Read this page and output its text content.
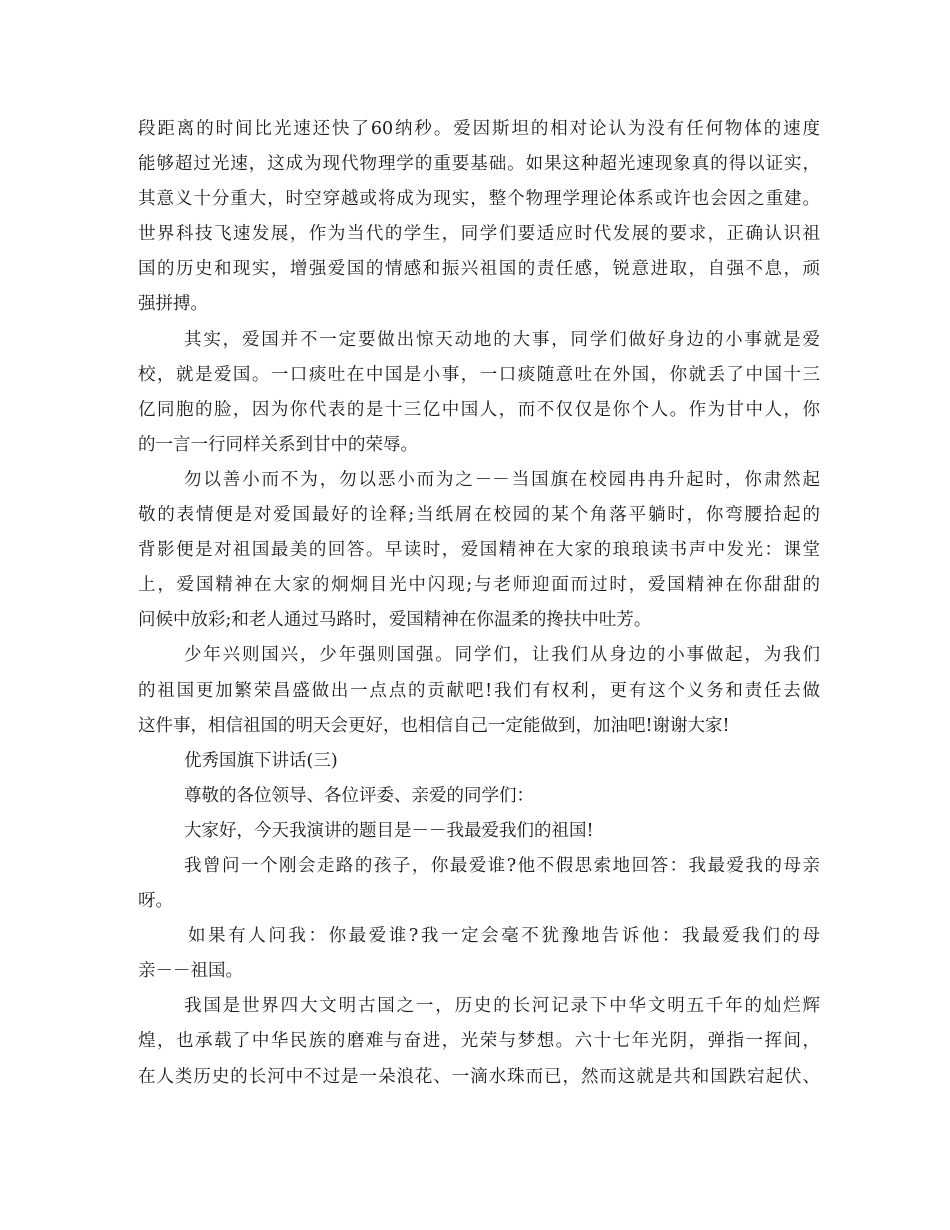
段距离的时间比光速还快了60纳秒。爱因斯坦的相对论认为没有任何物体的速度
能够超过光速，这成为现代物理学的重要基础。如果这种超光速现象真的得以证实，
其意义十分重大，时空穿越或将成为现实，整个物理学理论体系或许也会因之重建。
世界科技飞速发展，作为当代的学生，同学们要适应时代发展的要求，正确认识祖
国的历史和现实，增强爱国的情感和振兴祖国的责任感，锐意进取，自强不息，顽
强拼搏。
其实，爱国并不一定要做出惊天动地的大事，同学们做好身边的小事就是爱
校，就是爱国。一口痰吐在中国是小事，一口痰随意吐在外国，你就丢了中国十三
亿同胞的脸，因为你代表的是十三亿中国人，而不仅仅是你个人。作为甘中人，你
的一言一行同样关系到甘中的荣辱。
勿以善小而不为，勿以恶小而为之－－当国旗在校园冉冉升起时，你肃然起
敬的表情便是对爱国最好的诠释;当纸屑在校园的某个角落平躺时，你弯腰拾起的
背影便是对祖国最美的回答。早读时，爱国精神在大家的琅琅读书声中发光：课堂
上，爱国精神在大家的炯炯目光中闪现;与老师迎面而过时，爱国精神在你甜甜的
问候中放彩;和老人通过马路时，爱国精神在你温柔的搀扶中吐芳。
少年兴则国兴，少年强则国强。同学们，让我们从身边的小事做起，为我们
的祖国更加繁荣昌盛做出一点点的贡献吧!我们有权利，更有这个义务和责任去做
这件事，相信祖国的明天会更好，也相信自己一定能做到，加油吧!谢谢大家!
优秀国旗下讲话(三)
尊敬的各位领导、各位评委、亲爱的同学们：
大家好，今天我演讲的题目是－－我最爱我们的祖国!
我曾问一个刚会走路的孩子，你最爱谁?他不假思索地回答：我最爱我的母亲
呀。
如果有人问我：你最爱谁?我一定会毫不犹豫地告诉他：我最爱我们的母
亲－－祖国。
我国是世界四大文明古国之一，历史的长河记录下中华文明五千年的灿烂辉
煌，也承载了中华民族的磨难与奋进，光荣与梦想。六十七年光阴，弹指一挥间，
在人类历史的长河中不过是一朵浪花、一滴水珠而已，然而这就是共和国跌宕起伏、
